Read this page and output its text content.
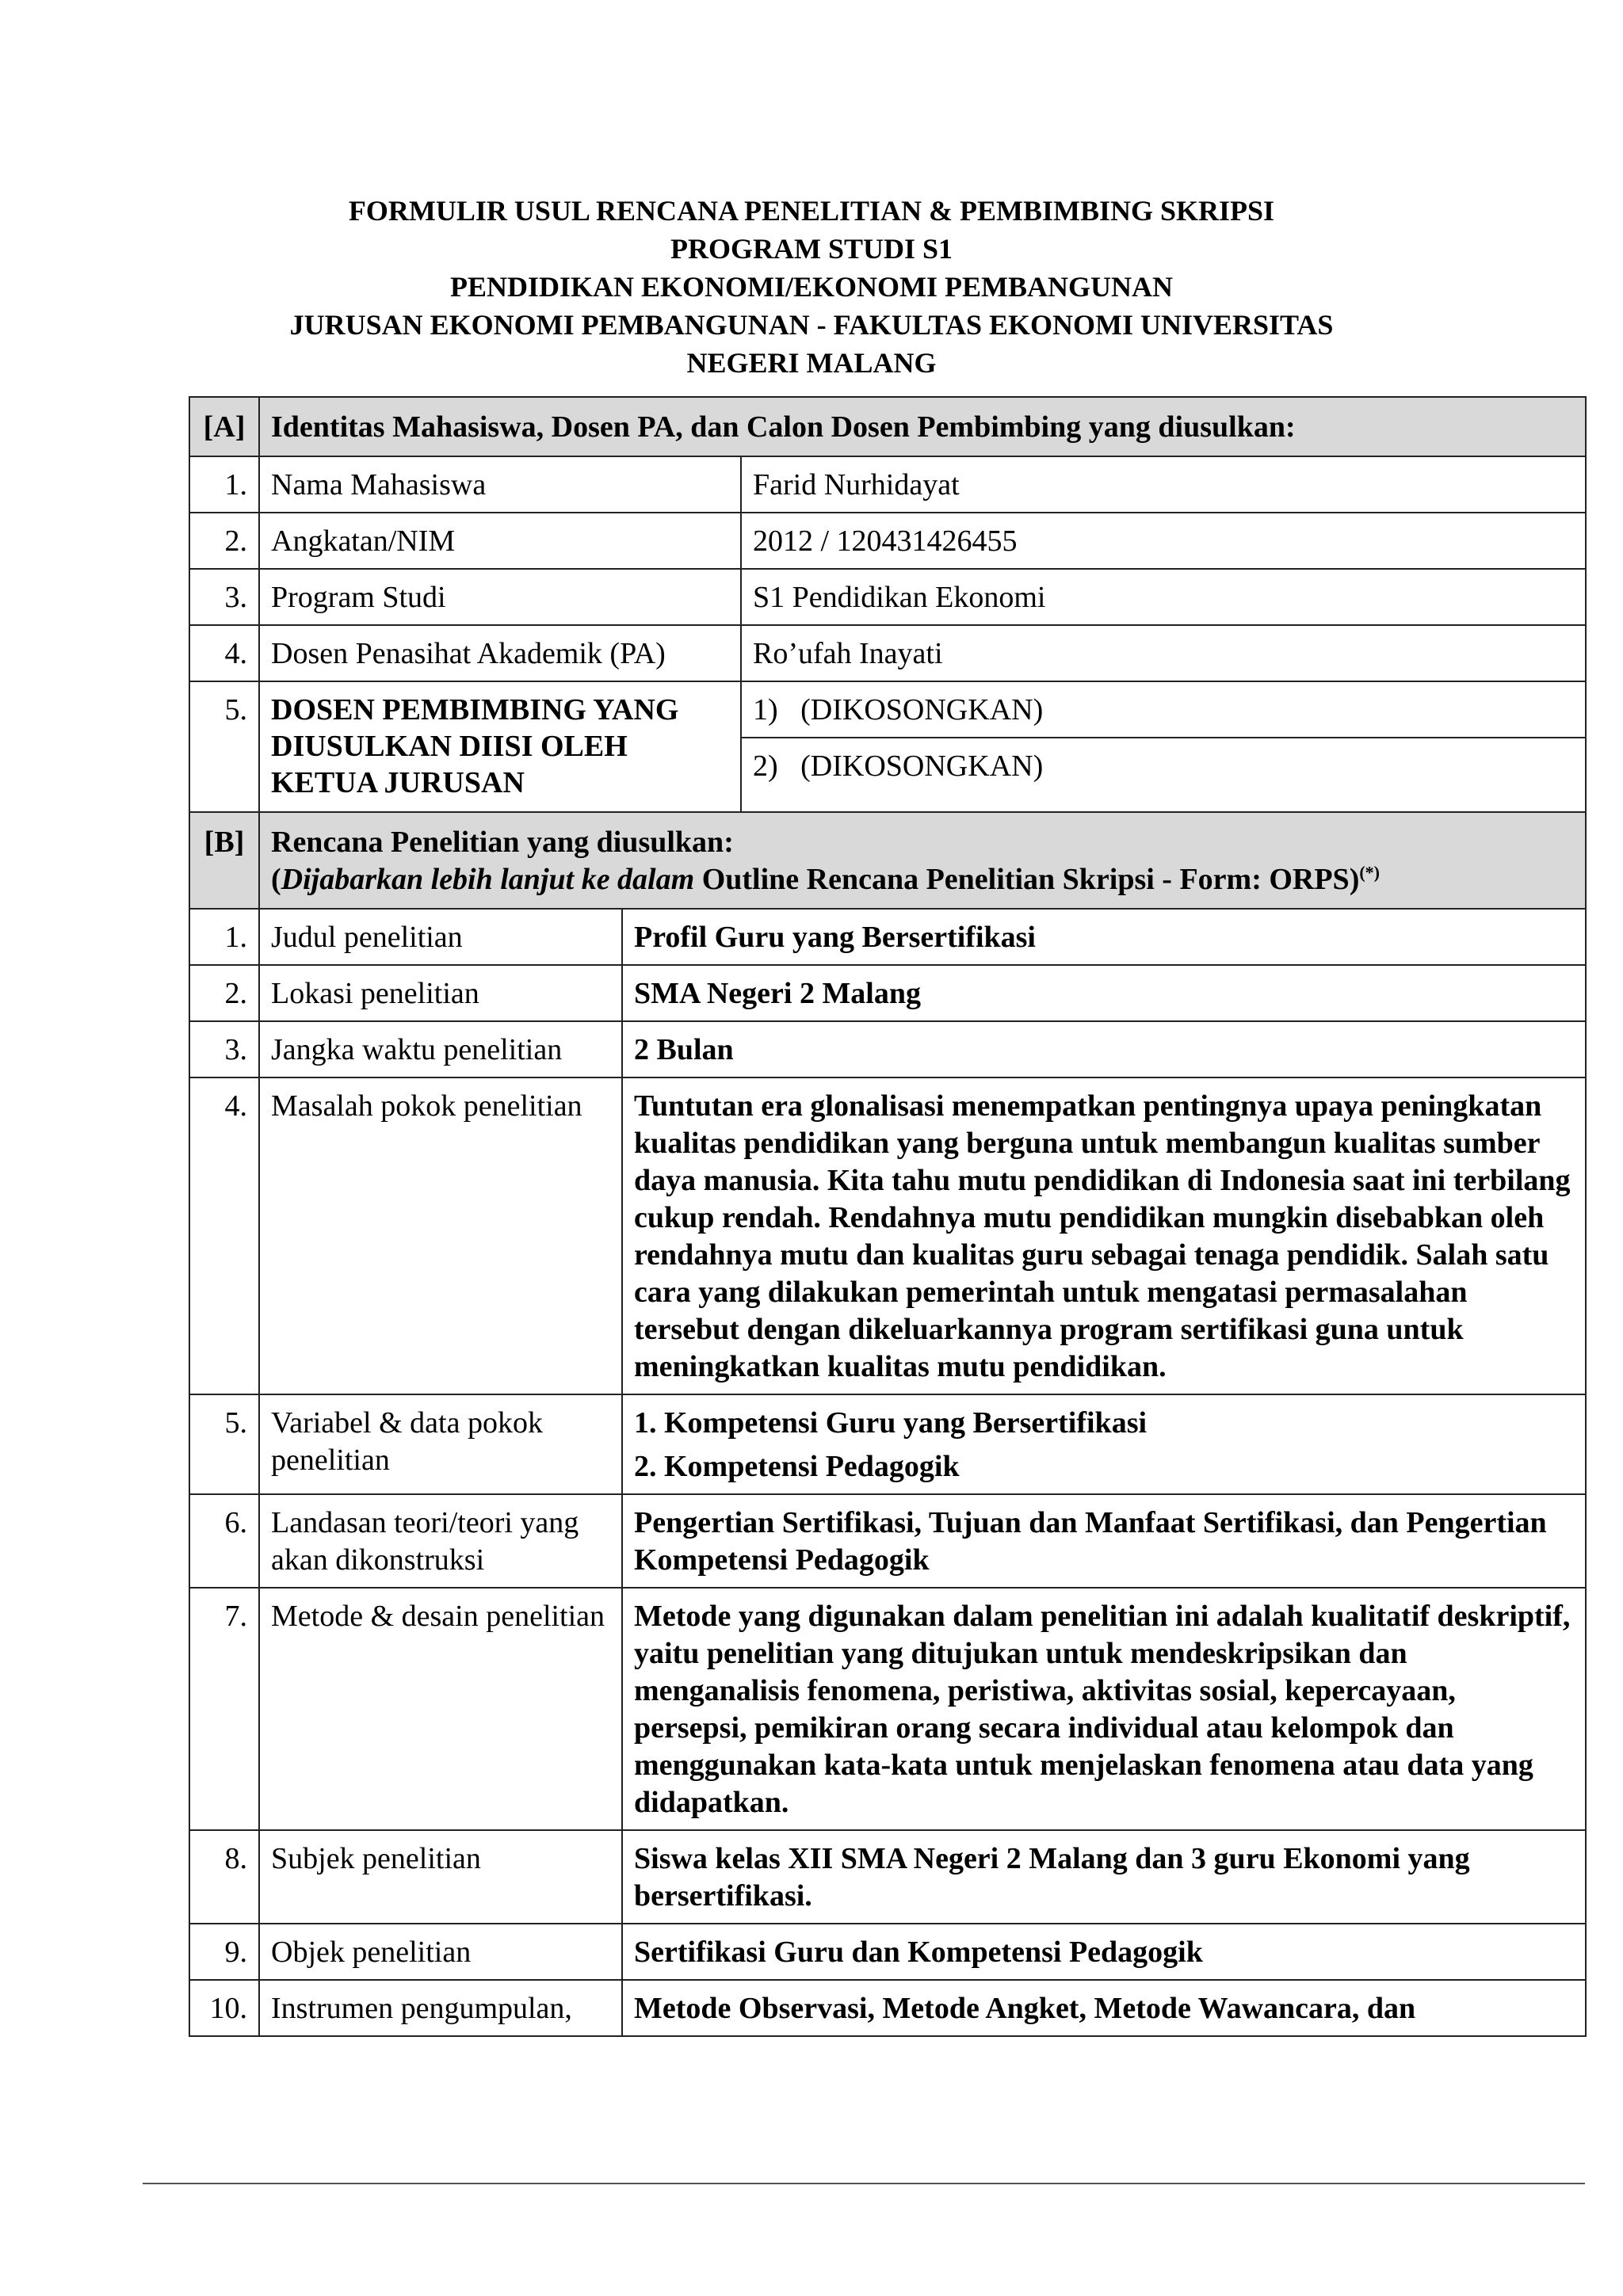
FORMULIR USUL RENCANA PENELITIAN & PEMBIMBING SKRIPSI
PROGRAM STUDI S1
PENDIDIKAN EKONOMI/EKONOMI PEMBANGUNAN
JURUSAN EKONOMI PEMBANGUNAN - FAKULTAS EKONOMI UNIVERSITAS
NEGERI MALANG
[A]	Identitas Mahasiswa, Dosen PA, dan Calon Dosen Pembimbing yang diusulkan:		
1.	Nama Mahasiswa		Farid Nurhidayat
2.	Angkatan/NIM		2012 / 120431426455
3.	Program Studi		S1 Pendidikan Ekonomi
4.	Dosen Penasihat Akademik (PA)		Ro’ufah Inayati
5.	DOSEN PEMBIMBING YANG DIUSULKAN DIISI OLEH KETUA JURUSAN		1)   (DIKOSONGKAN)
			2)   (DIKOSONGKAN)
[B]	Rencana Penelitian yang diusulkan:
(Dijabarkan lebih lanjut ke dalam Outline Rencana Penelitian Skripsi - Form: ORPS)(*)

1.	Judul penelitian	Profil Guru yang Bersertifikasi	
2.	Lokasi penelitian	SMA Negeri 2 Malang	
3.	Jangka waktu penelitian	2 Bulan	
4.	Masalah pokok penelitian	Tuntutan era glonalisasi menempatkan pentingnya upaya peningkatan kualitas pendidikan yang berguna untuk membangun kualitas sumber daya manusia. Kita tahu mutu pendidikan di Indonesia saat ini terbilang cukup rendah. Rendahnya mutu pendidikan mungkin disebabkan oleh rendahnya mutu dan kualitas guru sebagai tenaga pendidik. Salah satu cara yang dilakukan pemerintah untuk mengatasi permasalahan tersebut dengan dikeluarkannya program sertifikasi guna untuk meningkatkan kualitas mutu pendidikan.	
5.	Variabel & data pokok penelitian	1. Kompetensi Guru yang Bersertifikasi
2. Kompetensi Pedagogik	

6.	Landasan teori/teori yang akan dikonstruksi	Pengertian Sertifikasi, Tujuan dan Manfaat Sertifikasi, dan Pengertian Kompetensi Pedagogik	
7.	Metode & desain penelitian	Metode yang digunakan dalam penelitian ini adalah kualitatif deskriptif, yaitu penelitian yang ditujukan untuk mendeskripsikan dan menganalisis fenomena, peristiwa, aktivitas sosial, kepercayaan, persepsi, pemikiran orang secara individual atau kelompok dan menggunakan kata-kata untuk menjelaskan fenomena atau data yang didapatkan.	
8.	Subjek penelitian	Siswa kelas XII SMA Negeri 2 Malang dan 3 guru Ekonomi yang bersertifikasi.	
9.	Objek penelitian	Sertifikasi Guru dan Kompetensi Pedagogik	
10.	Instrumen pengumpulan,	Metode Observasi, Metode Angket, Metode Wawancara, dan	
